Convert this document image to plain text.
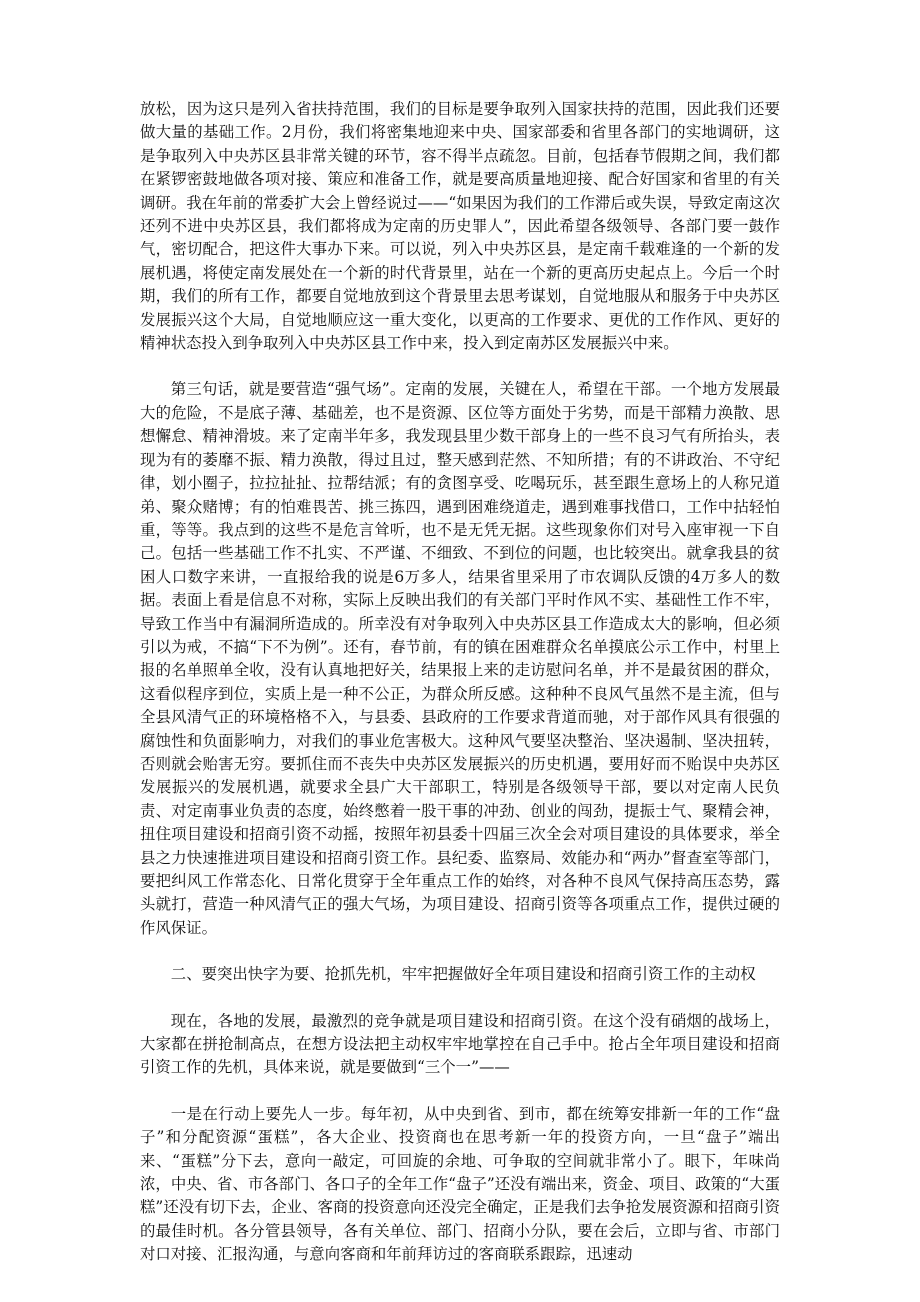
放松，因为这只是列入省扶持范围，我们的目标是要争取列入国家扶持的范围，因此我们还要做大量的基础工作。2月份，我们将密集地迎来中央、国家部委和省里各部门的实地调研，这是争取列入中央苏区县非常关键的环节，容不得半点疏忽。目前，包括春节假期之间，我们都在紧锣密鼓地做各项对接、策应和准备工作，就是要高质量地迎接、配合好国家和省里的有关调研。我在年前的常委扩大会上曾经说过——“如果因为我们的工作滞后或失误，导致定南这次还列不进中央苏区县，我们都将成为定南的历史罪人”，因此希望各级领导、各部门要一鼓作气，密切配合，把这件大事办下来。可以说，列入中央苏区县，是定南千载难逢的一个新的发展机遇，将使定南发展处在一个新的时代背景里，站在一个新的更高历史起点上。今后一个时期，我们的所有工作，都要自觉地放到这个背景里去思考谋划，自觉地服从和服务于中央苏区发展振兴这个大局，自觉地顺应这一重大变化，以更高的工作要求、更优的工作作风、更好的精神状态投入到争取列入中央苏区县工作中来，投入到定南苏区发展振兴中来。

第三句话，就是要营造“强气场”。定南的发展，关键在人，希望在干部。一个地方发展最大的危险，不是底子薄、基础差，也不是资源、区位等方面处于劣势，而是干部精力涣散、思想懈怠、精神滑坡。来了定南半年多，我发现县里少数干部身上的一些不良习气有所抬头，表现为有的萎靡不振、精力涣散，得过且过，整天感到茫然、不知所措；有的不讲政治、不守纪律，划小圈子，拉拉扯扯、拉帮结派；有的贪图享受、吃喝玩乐，甚至跟生意场上的人称兄道弟、聚众赌博；有的怕难畏苦、挑三拣四，遇到困难绕道走，遇到难事找借口，工作中拈轻怕重，等等。我点到的这些不是危言耸听，也不是无凭无据。这些现象你们对号入座审视一下自己。包括一些基础工作不扎实、不严谨、不细致、不到位的问题，也比较突出。就拿我县的贫困人口数字来讲，一直报给我的说是6万多人，结果省里采用了市农调队反馈的4万多人的数据。表面上看是信息不对称，实际上反映出我们的有关部门平时作风不实、基础性工作不牢，导致工作当中有漏洞所造成的。所幸没有对争取列入中央苏区县工作造成太大的影响，但必须引以为戒，不搞“下不为例”。还有，春节前，有的镇在困难群众名单摸底公示工作中，村里上报的名单照单全收，没有认真地把好关，结果报上来的走访慰问名单，并不是最贫困的群众，这看似程序到位，实质上是一种不公正，为群众所反感。这种种不良风气虽然不是主流，但与全县风清气正的环境格格不入，与县委、县政府的工作要求背道而驰，对于部作风具有很强的腐蚀性和负面影响力，对我们的事业危害极大。这种风气要坚决整治、坚决遏制、坚决扭转，否则就会贻害无穷。要抓住而不丧失中央苏区发展振兴的历史机遇，要用好而不贻误中央苏区发展振兴的发展机遇，就要求全县广大干部职工，特别是各级领导干部，要以对定南人民负责、对定南事业负责的态度，始终憋着一股干事的冲劲、创业的闯劲，提振士气、聚精会神，扭住项目建设和招商引资不动摇，按照年初县委十四届三次全会对项目建设的具体要求，举全县之力快速推进项目建设和招商引资工作。县纪委、监察局、效能办和“两办”督查室等部门，要把纠风工作常态化、日常化贯穿于全年重点工作的始终，对各种不良风气保持高压态势，露头就打，营造一种风清气正的强大气场，为项目建设、招商引资等各项重点工作，提供过硬的作风保证。

二、要突出快字为要、抢抓先机，牢牢把握做好全年项目建设和招商引资工作的主动权

现在，各地的发展，最激烈的竞争就是项目建设和招商引资。在这个没有硝烟的战场上，大家都在拼抢制高点，在想方设法把主动权牢牢地掌控在自己手中。抢占全年项目建设和招商引资工作的先机，具体来说，就是要做到“三个一”——

一是在行动上要先人一步。每年初，从中央到省、到市，都在统筹安排新一年的工作“盘子”和分配资源“蛋糕”，各大企业、投资商也在思考新一年的投资方向，一旦“盘子”端出来、“蛋糕”分下去，意向一敲定，可回旋的余地、可争取的空间就非常小了。眼下，年味尚浓，中央、省、市各部门、各口子的全年工作“盘子”还没有端出来，资金、项目、政策的“大蛋糕”还没有切下去，企业、客商的投资意向还没完全确定，正是我们去争抢发展资源和招商引资的最佳时机。各分管县领导，各有关单位、部门、招商小分队，要在会后，立即与省、市部门对口对接、汇报沟通，与意向客商和年前拜访过的客商联系跟踪，迅速动
